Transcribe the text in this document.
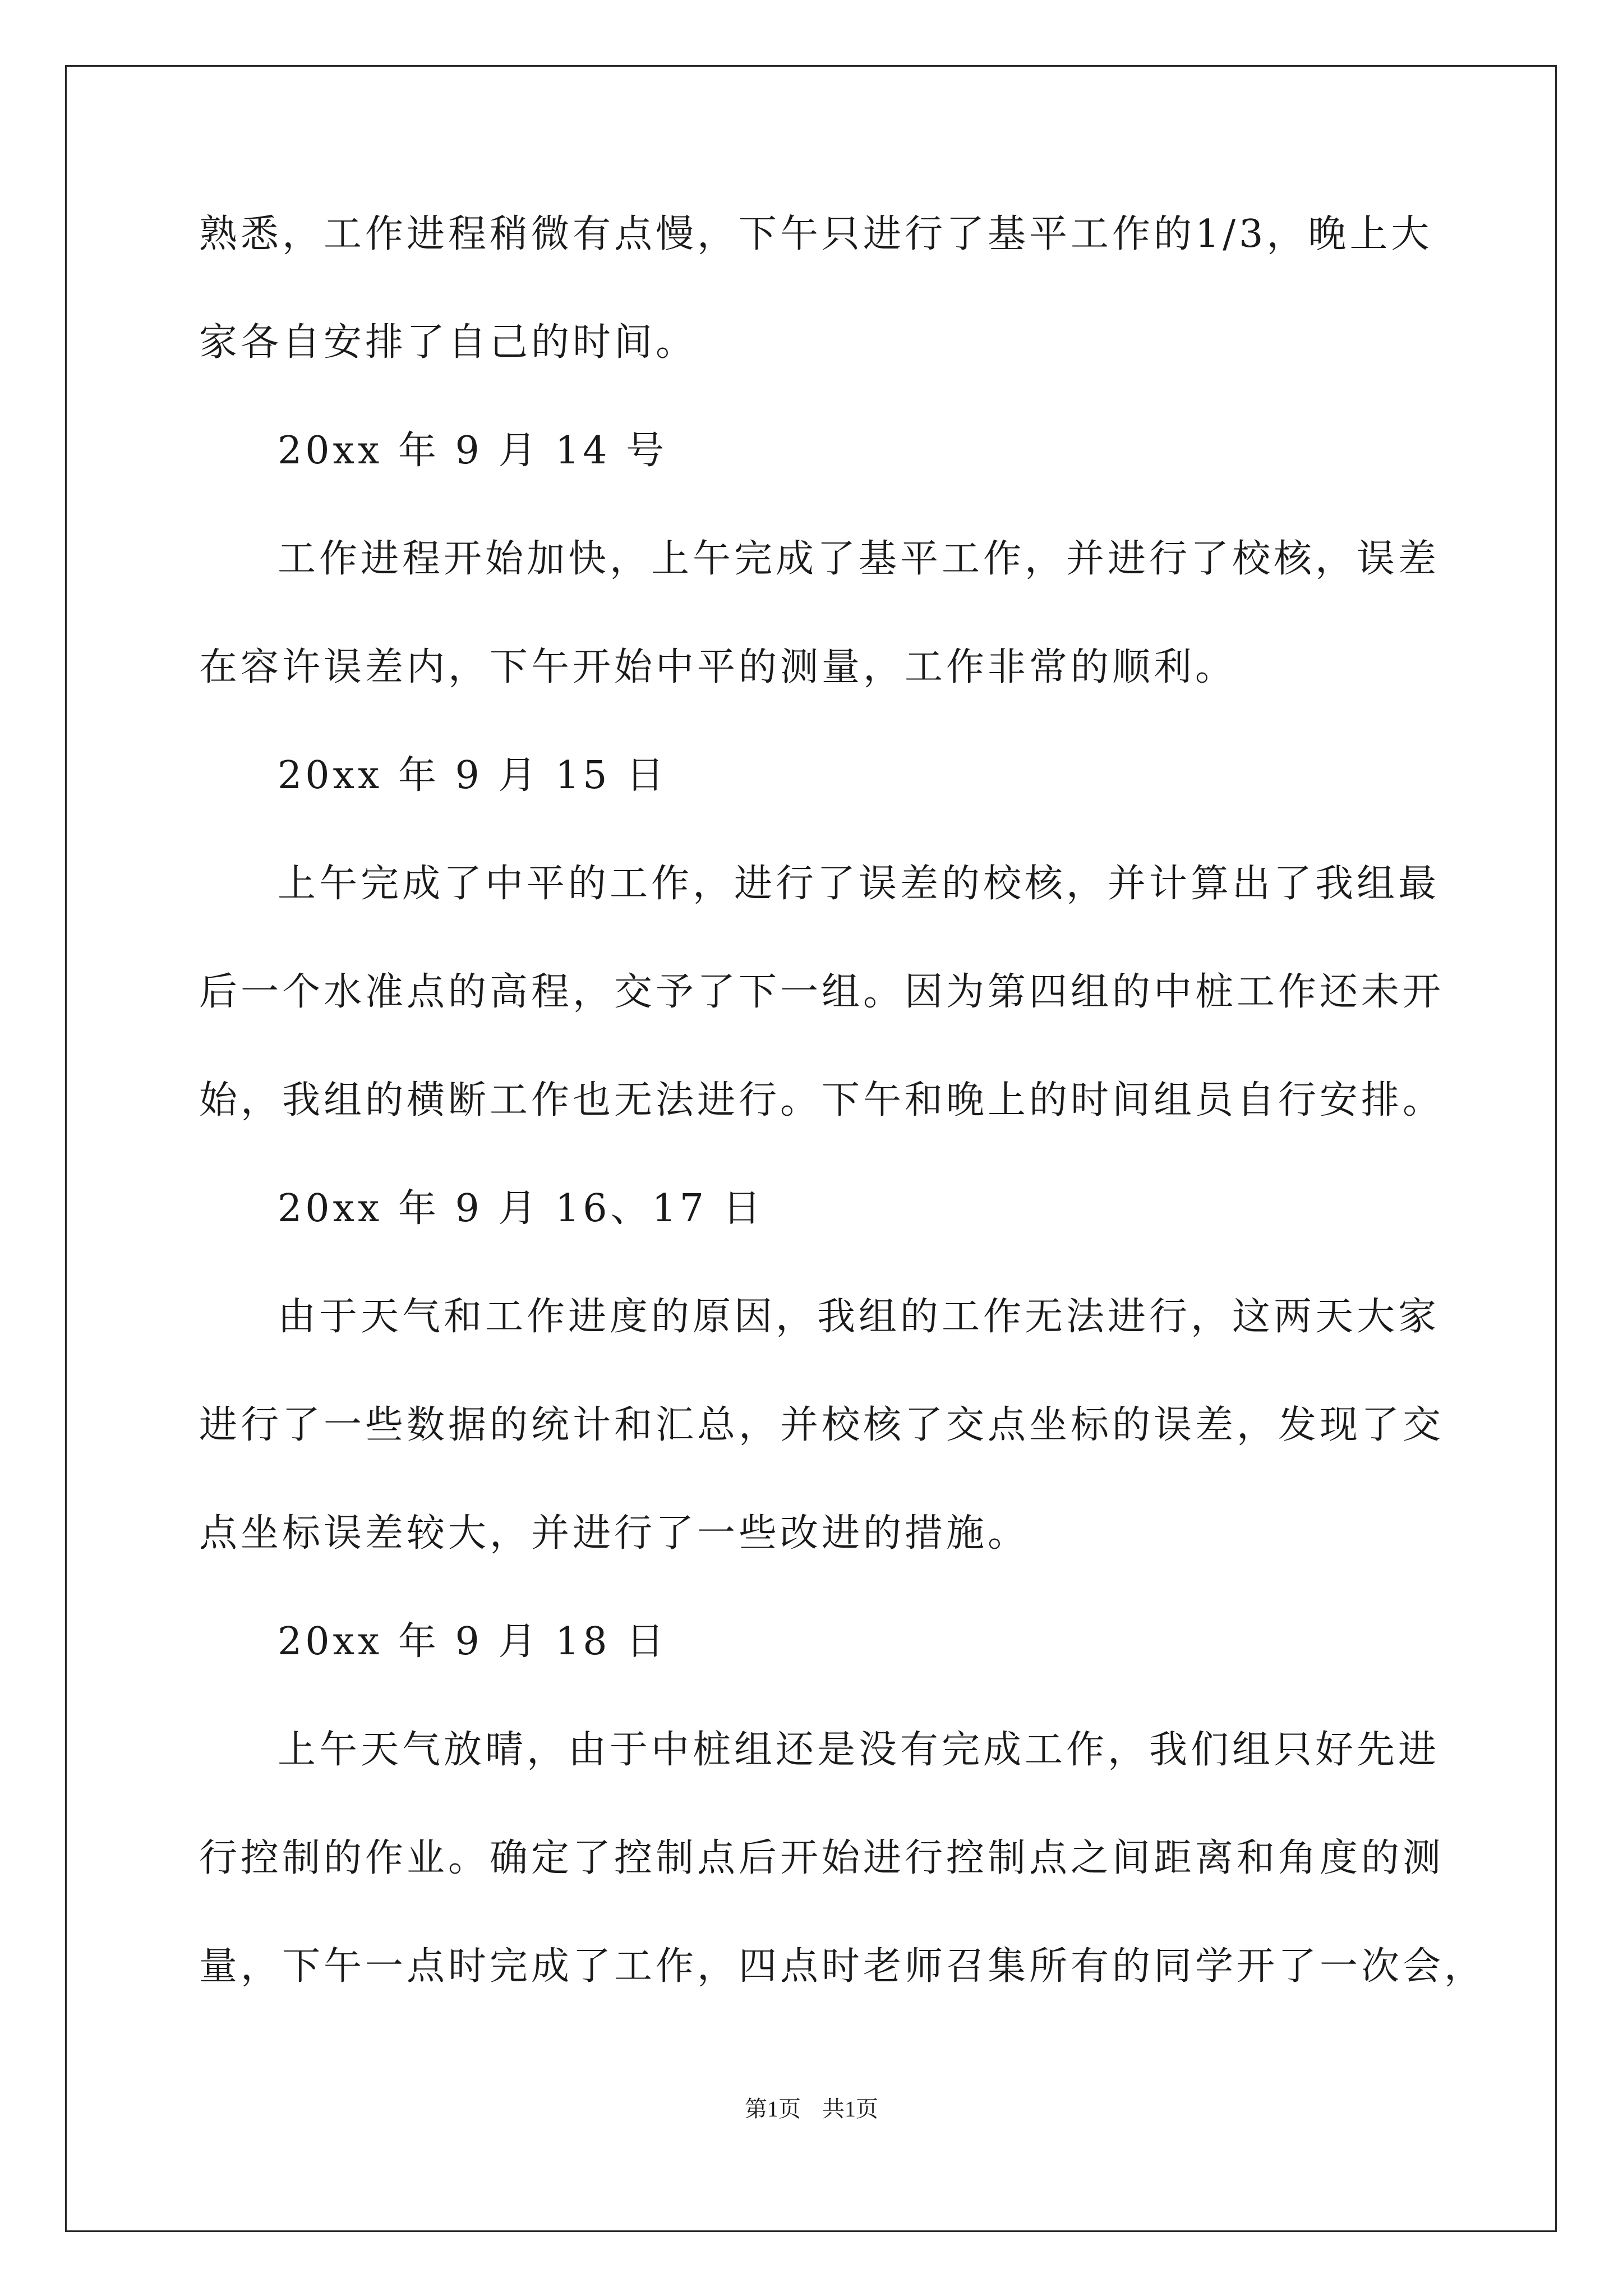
熟悉，工作进程稍微有点慢，下午只进行了基平工作的1/3，晚上大
家各自安排了自己的时间。
20xx 年 9 月 14 号
工作进程开始加快，上午完成了基平工作，并进行了校核，误差
在容许误差内，下午开始中平的测量，工作非常的顺利。
20xx 年 9 月 15 日
上午完成了中平的工作，进行了误差的校核，并计算出了我组最
后一个水准点的高程，交予了下一组。因为第四组的中桩工作还未开
始，我组的横断工作也无法进行。下午和晚上的时间组员自行安排。
20xx 年 9 月 16、17 日
由于天气和工作进度的原因，我组的工作无法进行，这两天大家
进行了一些数据的统计和汇总，并校核了交点坐标的误差，发现了交
点坐标误差较大，并进行了一些改进的措施。
20xx 年 9 月 18 日
上午天气放晴，由于中桩组还是没有完成工作，我们组只好先进
行控制的作业。确定了控制点后开始进行控制点之间距离和角度的测
量，下午一点时完成了工作，四点时老师召集所有的同学开了一次会，
第1页 共1页
